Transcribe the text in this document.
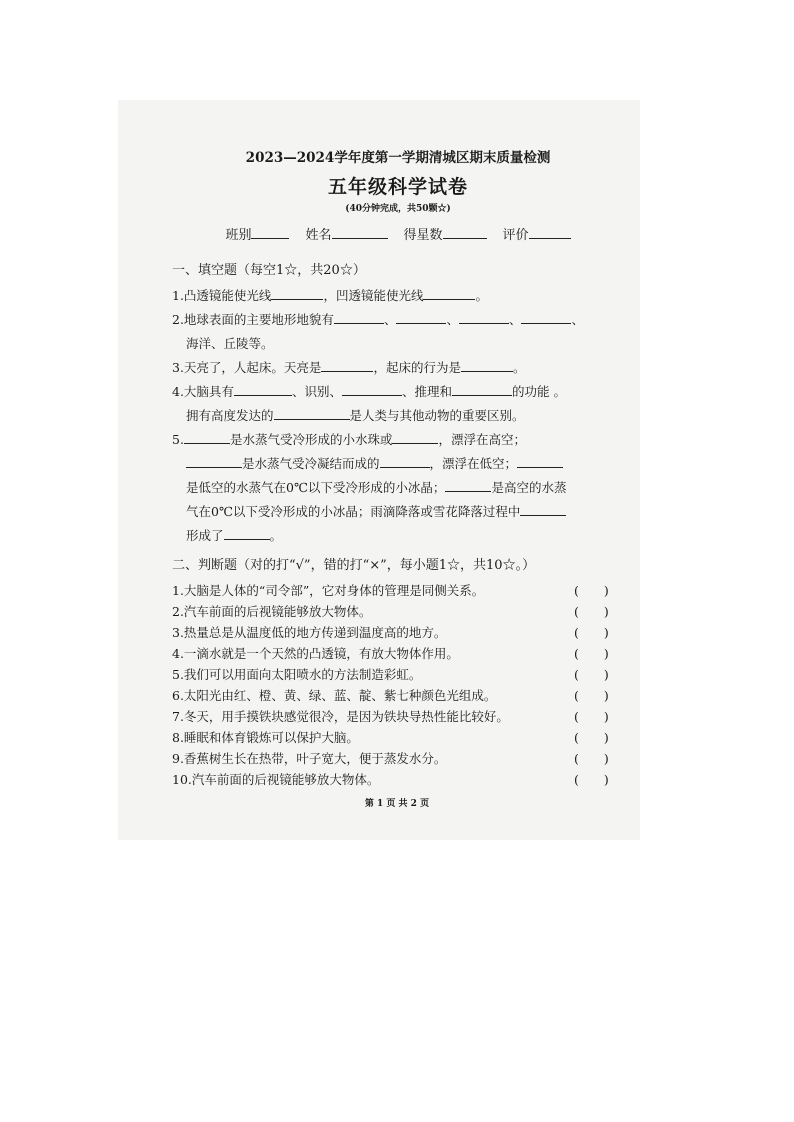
2023—2024学年度第一学期清城区期末质量检测
五年级科学试卷
(40分钟完成，共50颗☆)
班别	姓名	得星数	评价
一、填空题（每空1☆，共20☆）
1.凸透镜能使光线	，凹透镜能使光线	。
2.地球表面的主要地形地貌有	、	、	、	、
海洋、丘陵等。
3.天亮了，人起床。天亮是	，起床的行为是	。
4.大脑具有	、识别、	、推理和	的功能 。
拥有高度发达的	是人类与其他动物的重要区别。
5.	是水蒸气受冷形成的小水珠或	，漂浮在高空；
是水蒸气受冷凝结而成的	，漂浮在低空；
是低空的水蒸气在0℃以下受冷形成的小冰晶；	是高空的水蒸
气在0℃以下受冷形成的小冰晶；雨滴降落或雪花降落过程中
形成了	。
二、判断题（对的打“√”，错的打“×”，每小题1☆，共10☆。）
1.大脑是人体的“司令部”，它对身体的管理是同侧关系。	(　　)
2.汽车前面的后视镜能够放大物体。	(　　)
3.热量总是从温度低的地方传递到温度高的地方。	(　　)
4.一滴水就是一个天然的凸透镜，有放大物体作用。	(　　)
5.我们可以用面向太阳喷水的方法制造彩虹。	(　　)
6.太阳光由红、橙、黄、绿、蓝、靛、紫七种颜色光组成。	(　　)
7.冬天，用手摸铁块感觉很冷，是因为铁块导热性能比较好。	(　　)
8.睡眠和体育锻炼可以保护大脑。	(　　)
9.香蕉树生长在热带，叶子宽大，便于蒸发水分。	(　　)
10.汽车前面的后视镜能够放大物体。	(　　)
第 1 页 共 2 页
